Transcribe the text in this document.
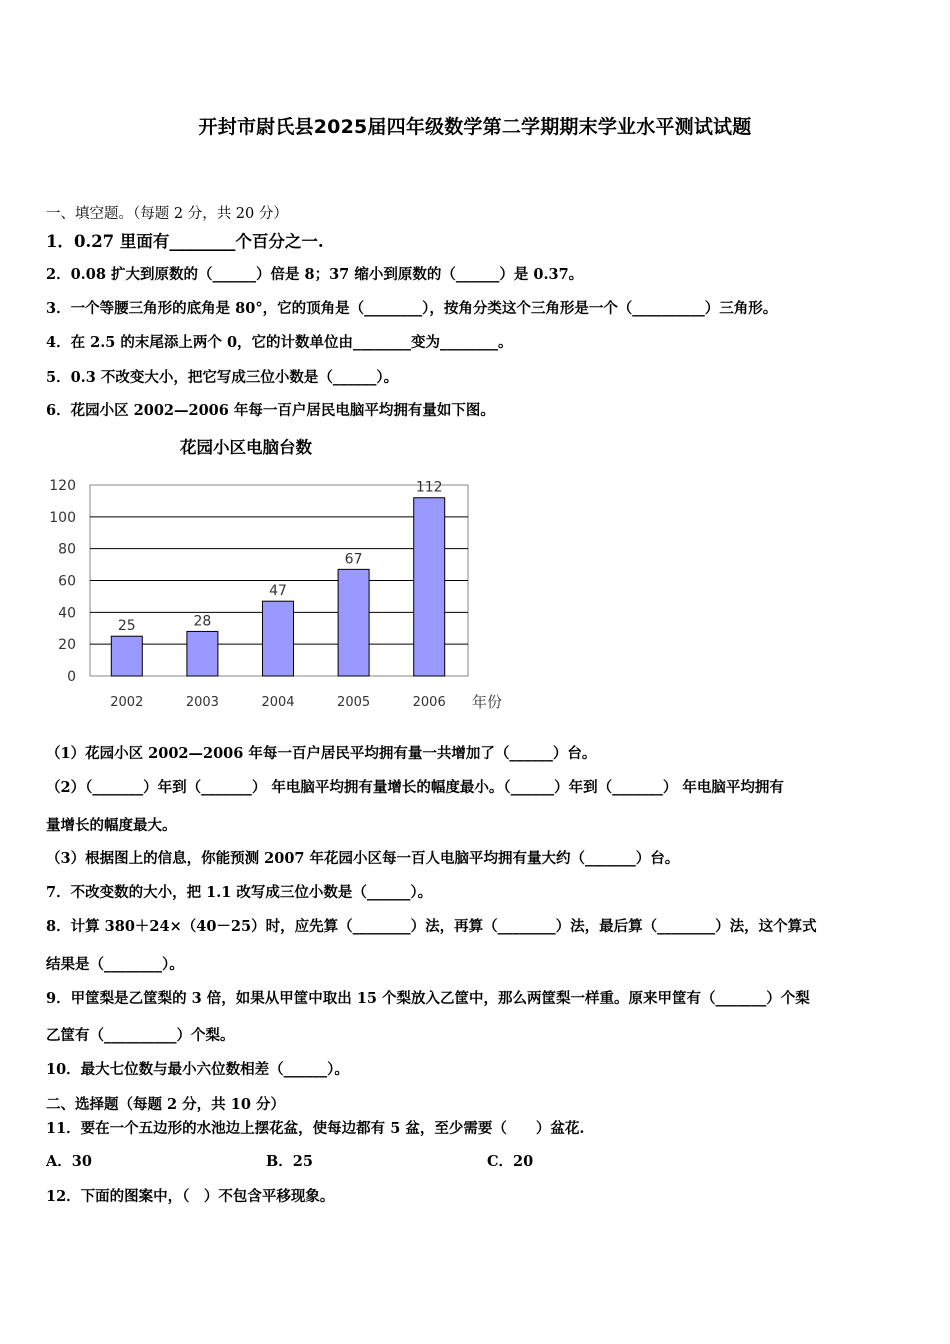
开封市尉氏县2025届四年级数学第二学期期末学业水平测试试题
一、填空题。（每题 2 分，共 20 分）
1．0.27 里面有________个百分之一.
2．0.08 扩大到原数的（______）倍是 8；37 缩小到原数的（______）是 0.37。
3．一个等腰三角形的底角是 80°，它的顶角是（________），按角分类这个三角形是一个（__________）三角形。
4．在 2.5 的末尾添上两个 0，它的计数单位由________变为________。
5．0.3 不改变大小，把它写成三位小数是（______）。
6．花园小区 2002—2006 年每一百户居民电脑平均拥有量如下图。
花园小区电脑台数
0
20
40
60
80
100
120
25
2002
28
2003
47
2004
67
2005
112
2006 年份
（1）花园小区 2002—2006 年每一百户居民平均拥有量一共增加了（______）台。
（2）（_______）年到（_______） 年电脑平均拥有量增长的幅度最小。（______）年到（_______） 年电脑平均拥有
量增长的幅度最大。
（3）根据图上的信息，你能预测 2007 年花园小区每一百人电脑平均拥有量大约（_______）台。
7．不改变数的大小，把 1.1 改写成三位小数是（______）。
8．计算 380＋24×（40－25）时，应先算（________）法，再算（________）法，最后算（________）法，这个算式
结果是（________）。
9．甲筐梨是乙筐梨的 3 倍，如果从甲筐中取出 15 个梨放入乙筐中，那么两筐梨一样重。原来甲筐有（_______）个梨
乙筐有（__________）个梨。
10．最大七位数与最小六位数相差（______）。
二、选择题（每题 2 分，共 10 分）
11．要在一个五边形的水池边上摆花盆，使每边都有 5 盆，至少需要（　　）盆花.
A．30	B．25	C．20
12．下面的图案中，（　）不包含平移现象。
